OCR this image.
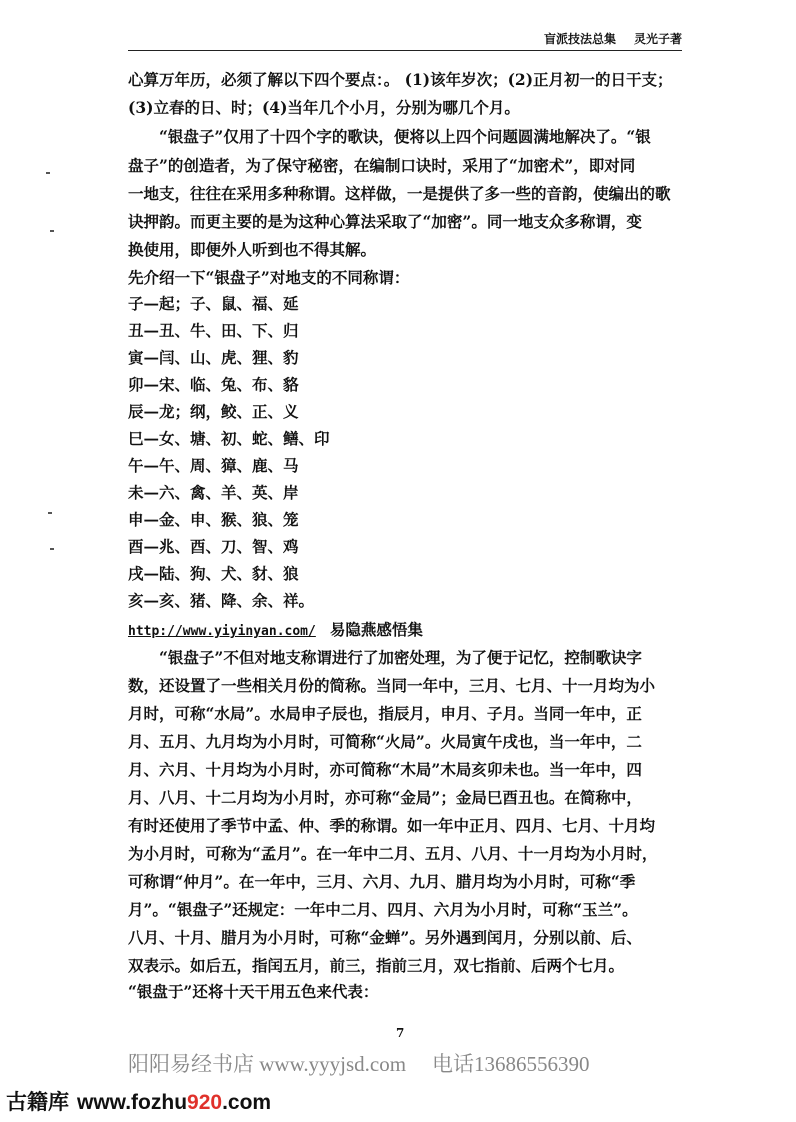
盲派技法总集 灵光子著
心算万年历，必须了解以下四个要点：。 (1)该年岁次；(2)正月初一的日干支；
(3)立春的日、时；(4)当年几个小月，分别为哪几个月。
“银盘子”仅用了十四个字的歌诀，便将以上四个问题圆满地解决了。“银
盘子”的创造者，为了保守秘密，在编制口诀时，采用了“加密术”，即对同
一地支，往往在采用多种称谓。这样做，一是提供了多一些的音韵，使编出的歌
诀押韵。而更主要的是为这种心算法采取了“加密”。同一地支众多称谓，变
换使用，即便外人听到也不得其解。
先介绍一下“银盘子”对地支的不同称谓：
子—起；子、鼠、福、延
丑—丑、牛、田、下、归
寅—闫、山、虎、狸、豹
卯—宋、临、兔、布、貉
辰—龙；纲，鲛、正、义
巳—女、塘、初、蛇、鳝、印
午—午、周、獐、鹿、马
未—六、禽、羊、英、岸
申—金、申、猴、狼、笼
酉—兆、酉、刀、智、鸡
戌—陆、狗、犬、豺、狼
亥—亥、猪、降、余、祥。
http://www.yiyinyan.com/ 易隐燕感悟集
“银盘子”不但对地支称谓进行了加密处理，为了便于记忆，控制歌诀字
数，还设置了一些相关月份的简称。当同一年中，三月、七月、十一月均为小
月时，可称“水局”。水局申子辰也，指辰月，申月、子月。当同一年中，正
月、五月、九月均为小月时，可简称“火局”。火局寅午戌也，当一年中，二
月、六月、十月均为小月时，亦可简称“木局”木局亥卯未也。当一年中，四
月、八月、十二月均为小月时，亦可称“金局”；金局巳酉丑也。在简称中，
有时还使用了季节中孟、仲、季的称谓。如一年中正月、四月、七月、十月均
为小月时，可称为“孟月”。在一年中二月、五月、八月、十一月均为小月时，
可称谓“仲月”。在一年中，三月、六月、九月、腊月均为小月时，可称“季
月”。“银盘子”还规定：一年中二月、四月、六月为小月时，可称“玉兰”。
八月、十月、腊月为小月时，可称“金蝉”。另外遇到闰月，分别以前、后、
双表示。如后五，指闰五月，前三，指前三月，双七指前、后两个七月。
“银盘于”还将十天干用五色来代表：
7
阳阳易经书店 www.yyyjsd.com 电话13686556390
古籍库 www.fozhu920.com
